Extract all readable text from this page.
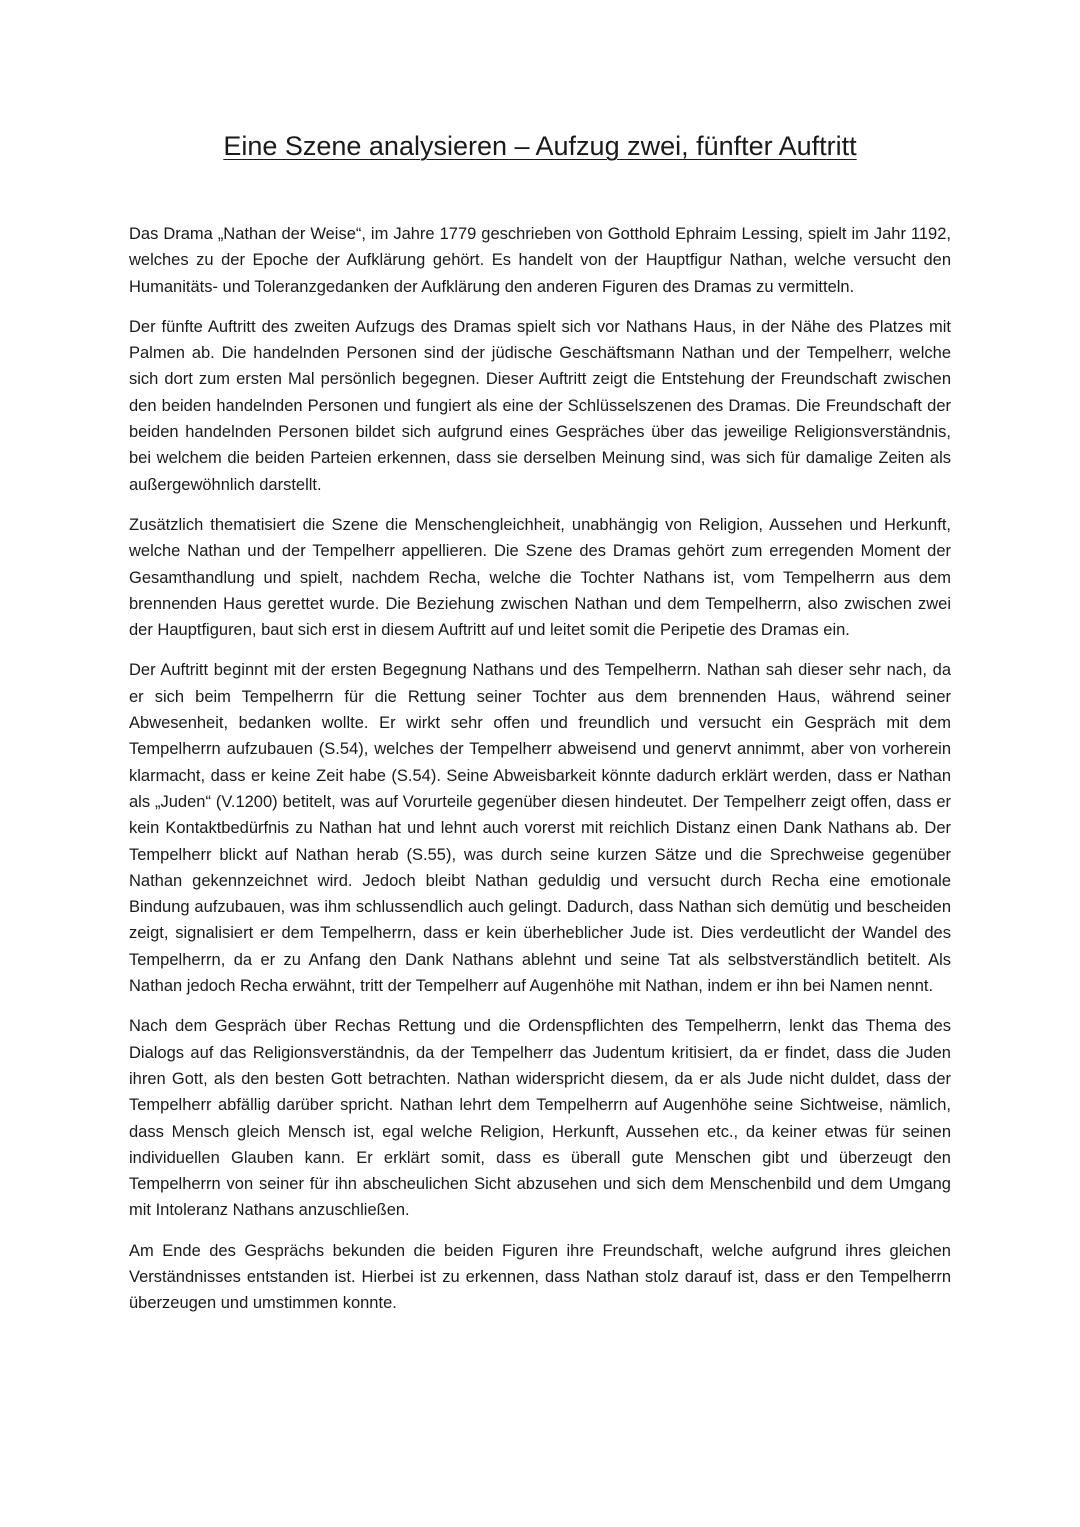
Eine Szene analysieren – Aufzug zwei, fünfter Auftritt

Das Drama „Nathan der Weise“, im Jahre 1779 geschrieben von Gotthold Ephraim Lessing, spielt im Jahr 1192, welches zu der Epoche der Aufklärung gehört. Es handelt von der Hauptfigur Nathan, welche versucht den Humanitäts- und Toleranzgedanken der Aufklärung den anderen Figuren des Dramas zu vermitteln.

Der fünfte Auftritt des zweiten Aufzugs des Dramas spielt sich vor Nathans Haus, in der Nähe des Platzes mit Palmen ab. Die handelnden Personen sind der jüdische Geschäftsmann Nathan und der Tempelherr, welche sich dort zum ersten Mal persönlich begegnen. Dieser Auftritt zeigt die Entstehung der Freundschaft zwischen den beiden handelnden Personen und fungiert als eine der Schlüsselszenen des Dramas. Die Freundschaft der beiden handelnden Personen bildet sich aufgrund eines Gespräches über das jeweilige Religionsverständnis, bei welchem die beiden Parteien erkennen, dass sie derselben Meinung sind, was sich für damalige Zeiten als außergewöhnlich darstellt.

Zusätzlich thematisiert die Szene die Menschengleichheit, unabhängig von Religion, Aussehen und Herkunft, welche Nathan und der Tempelherr appellieren. Die Szene des Dramas gehört zum erregenden Moment der Gesamthandlung und spielt, nachdem Recha, welche die Tochter Nathans ist, vom Tempelherrn aus dem brennenden Haus gerettet wurde. Die Beziehung zwischen Nathan und dem Tempelherrn, also zwischen zwei der Hauptfiguren, baut sich erst in diesem Auftritt auf und leitet somit die Peripetie des Dramas ein.

Der Auftritt beginnt mit der ersten Begegnung Nathans und des Tempelherrn. Nathan sah dieser sehr nach, da er sich beim Tempelherrn für die Rettung seiner Tochter aus dem brennenden Haus, während seiner Abwesenheit, bedanken wollte. Er wirkt sehr offen und freundlich und versucht ein Gespräch mit dem Tempelherrn aufzubauen (S.54), welches der Tempelherr abweisend und genervt annimmt, aber von vorherein klarmacht, dass er keine Zeit habe (S.54). Seine Abweisbarkeit könnte dadurch erklärt werden, dass er Nathan als „Juden“ (V.1200) betitelt, was auf Vorurteile gegenüber diesen hindeutet. Der Tempelherr zeigt offen, dass er kein Kontaktbedürfnis zu Nathan hat und lehnt auch vorerst mit reichlich Distanz einen Dank Nathans ab. Der Tempelherr blickt auf Nathan herab (S.55), was durch seine kurzen Sätze und die Sprechweise gegenüber Nathan gekennzeichnet wird. Jedoch bleibt Nathan geduldig und versucht durch Recha eine emotionale Bindung aufzubauen, was ihm schlussendlich auch gelingt. Dadurch, dass Nathan sich demütig und bescheiden zeigt, signalisiert er dem Tempelherrn, dass er kein überheblicher Jude ist. Dies verdeutlicht der Wandel des Tempelherrn, da er zu Anfang den Dank Nathans ablehnt und seine Tat als selbstverständlich betitelt. Als Nathan jedoch Recha erwähnt, tritt der Tempelherr auf Augenhöhe mit Nathan, indem er ihn bei Namen nennt.

Nach dem Gespräch über Rechas Rettung und die Ordenspflichten des Tempelherrn, lenkt das Thema des Dialogs auf das Religionsverständnis, da der Tempelherr das Judentum kritisiert, da er findet, dass die Juden ihren Gott, als den besten Gott betrachten. Nathan widerspricht diesem, da er als Jude nicht duldet, dass der Tempelherr abfällig darüber spricht. Nathan lehrt dem Tempelherrn auf Augenhöhe seine Sichtweise, nämlich, dass Mensch gleich Mensch ist, egal welche Religion, Herkunft, Aussehen etc., da keiner etwas für seinen individuellen Glauben kann. Er erklärt somit, dass es überall gute Menschen gibt und überzeugt den Tempelherrn von seiner für ihn abscheulichen Sicht abzusehen und sich dem Menschenbild und dem Umgang mit Intoleranz Nathans anzuschließen.

Am Ende des Gesprächs bekunden die beiden Figuren ihre Freundschaft, welche aufgrund ihres gleichen Verständnisses entstanden ist. Hierbei ist zu erkennen, dass Nathan stolz darauf ist, dass er den Tempelherrn überzeugen und umstimmen konnte.
